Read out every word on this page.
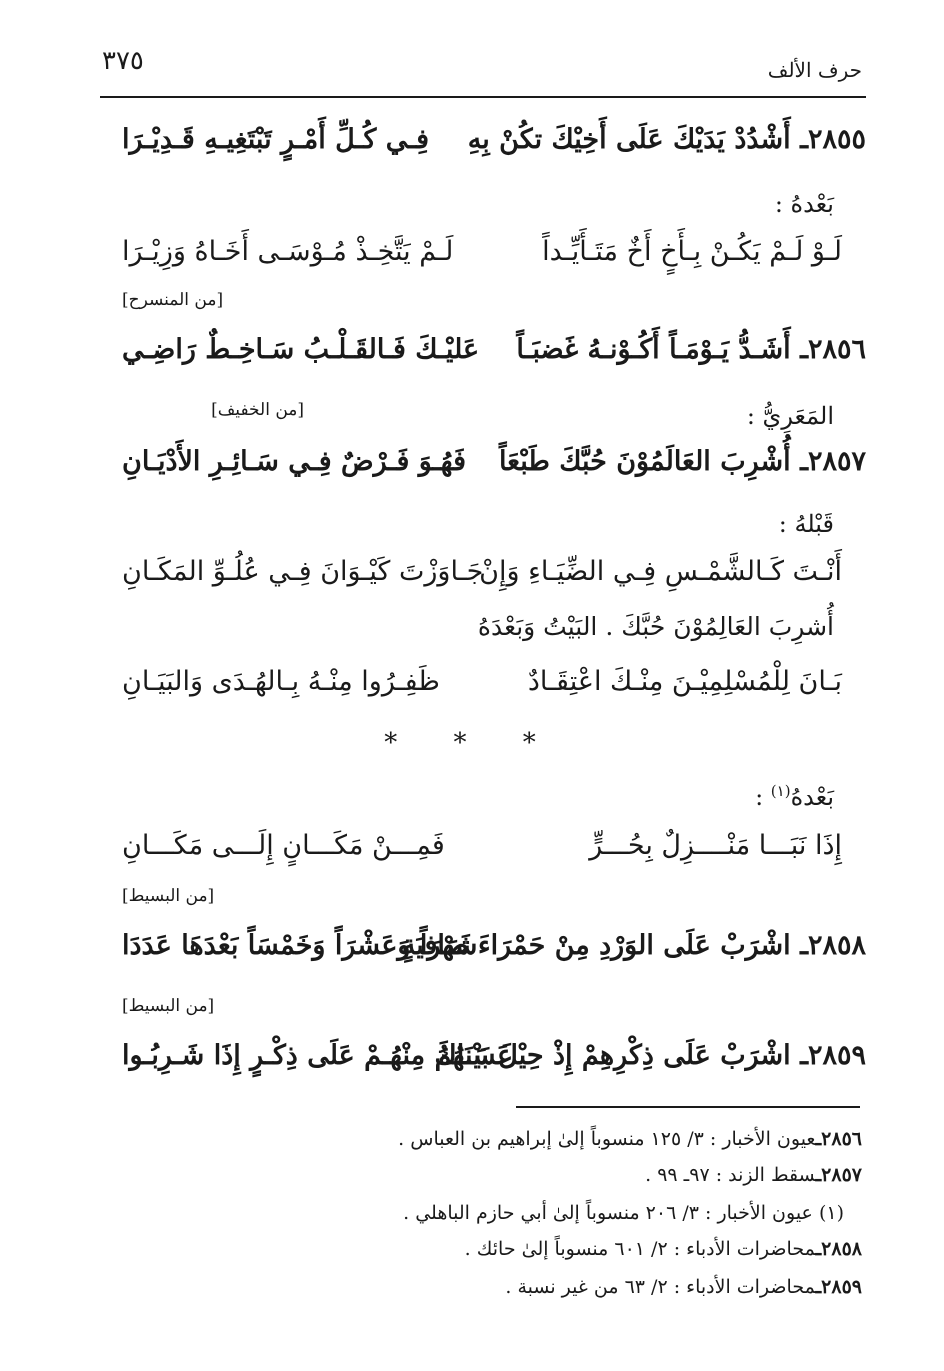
حرف الألف
٣٧٥
٢٨٥٥ـ أَشْدُدْ يَدَيْكَ عَلَى أَخِيْكَ تكُنْ بِهِ
فِـي كُـلِّ أَمْـرٍ تَبْتَغِيـهِ قَـدِيْـرَا
بَعْدهُ :
لَـوْ لَـمْ يَكُـنْ بِـأَخٍ أَخٌ مَتَـأَيِّـداً
لَـمْ يَتَّخِـذْ مُـوْسَـى أَخَـاهُ وَزِيْـرَا
[من المنسرح]
٢٨٥٦ـ أَشَـدُّ يَـوْمَـاً أَكُـوْنـهُ غَضبَـاً
عَليْـكَ فَـالقَـلْـبُ سَـاخِـطٌ رَاضِـي
[من الخفيف]	المَعَرِيُّ :
٢٨٥٧ـ أُشْرِبَ العَالَمُوْنَ حُبَّكَ طَبْعَاً
فَهُـوَ فَـرْضٌ فِـي سَـائِـرِ الأَدْيَـانِ
قَبْلهُ :
أَنْـتَ كَـالشَّمْـسِ فِـي الضِّيَـاءِ وَإِنْ
جَـاوَزْتَ كَيْـوَانَ فِـي عُلُـوِّ المَكَـانِ
أُشرِبَ العَالِمُوْنَ حُبَّكَ . البَيْتُ وَبَعْدَهُ
بَـانَ لِلْمُسْلِمِيْـنَ مِنْـكَ اعْتِقَـادٌ
ظَفِـرُوا مِنْـهُ بِـالهُـدَى وَالبَيَـانِ
* * *
بَعْدهُ$^{(١)}$ :
إِذَا نَبَـــا مَنْــــزِلٌ بِحُـــرٍّ
فَمِـــنْ مَكَـــانٍ إِلَـــى مَكَـــانِ
[من البسيط]
٢٨٥٨ـ اشْرَبْ عَلَى الوَرْدِ مِنْ حَمْرَاءَ صَافِيَةٍ
شَهْرَاً وَعَشْرَاً وَخَمْسَاً بَعْدَهَا عَدَدَا
[من البسيط]
٢٨٥٩ـ اشْرَبْ عَلَى ذِكْرِهِمْ إِذْ حِيْلَ بَيْنَهُمُ
عَسَـاكَ مِنْهُـمْ عَلَى ذِكْـرٍ إِذَا شَـرِبُـوا
٢٨٥٦ـعيون الأخبار : ٣/ ١٢٥ منسوباً إلىٰ إبراهيم بن العباس .
٢٨٥٧ـسقط الزند : ٩٧ـ ٩٩ .
(١) عيون الأخبار : ٣/ ٢٠٦ منسوباً إلىٰ أبي حازم الباهلي .
٢٨٥٨ـمحاضرات الأدباء : ٢/ ٦٠١ منسوباً إلىٰ حائك .
٢٨٥٩ـمحاضرات الأدباء : ٢/ ٦٣ من غير نسبة .
